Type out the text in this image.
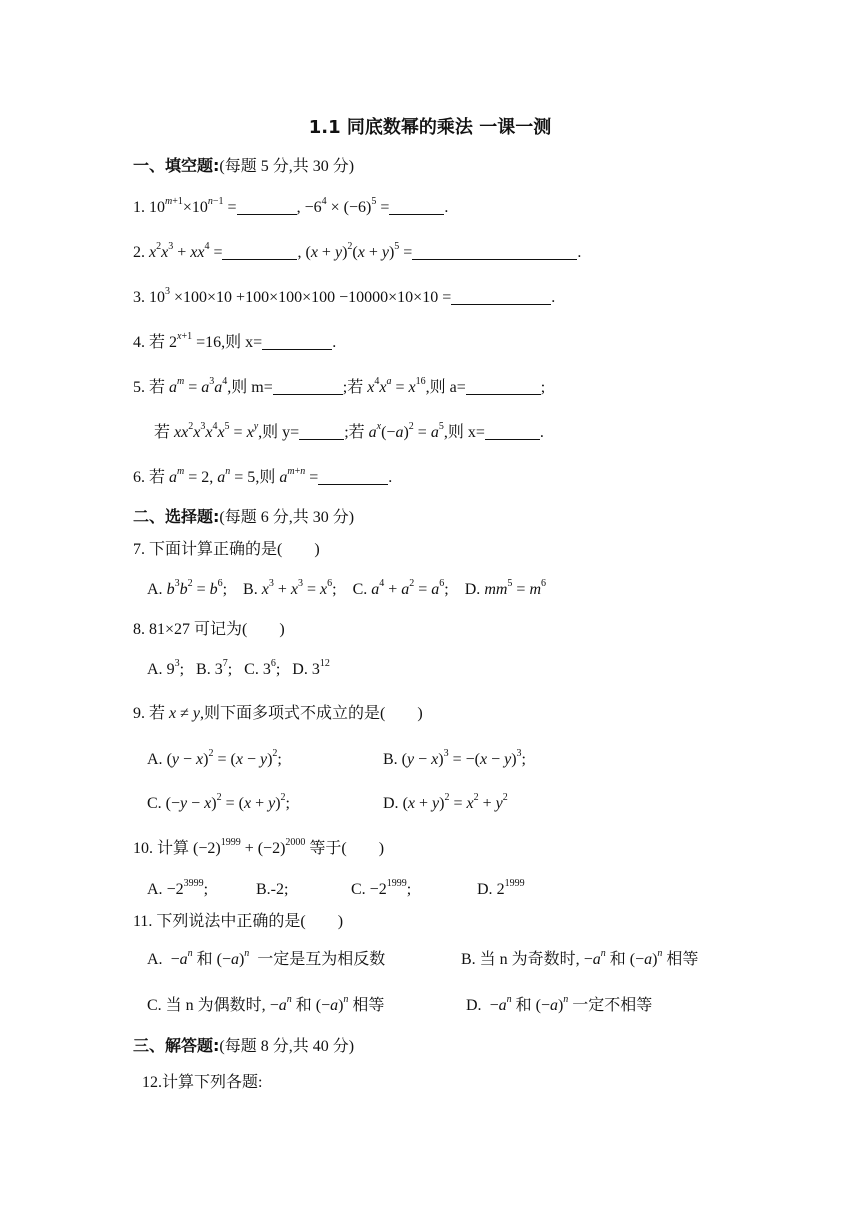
1.1 同底数幂的乘法 一课一测
一、填空题:(每题 5 分,共 30 分)
1. $10^{m+1}\times 10^{n-1}$ =	, $-6^4 \times (-6)^5$ =	.
2. $x^2x^3 + xx^4$ =	, $(x + y)^2(x + y)^5$ =	.
3. $10^3 \times 100\times 10 +100\times 100\times 100 -10000\times 10\times 10$ =	.
4. 若 $2^{x+1} =16$,则 x=	.
5. 若 $a^m = a^3a^4$,则 m=	;若 $x^4x^a = x^{16}$,则 a=	;
若 $xx^2x^3x^4x^5 = x^y$,则 y=	;若 $a^x(-a)^2 = a^5$,则 x=	.
6. 若 $a^m = 2$, $a^n = 5$,则 $a^{m+n}$ =	.
二、选择题:(每题 6 分,共 30 分)
7. 下面计算正确的是(　　)
A. $b^3b^2 = b^6$; B. $x^3 + x^3 = x^6$; C. $a^4 + a^2 = a^6$; D. $mm^5 = m^6$
8. 81×27 可记为(　　)
A. $9^3$; B. $3^7$; C. $3^6$; D. $3^{12}$
9. 若 x ≠ y,则下面多项式不成立的是(　　)
A. $(y - x)^2 = (x - y)^2$;	B. $(y - x)^3 = -(x - y)^3$;
C. $(-y - x)^2 = (x + y)^2$;	D. $(x + y)^2 = x^2 + y^2$
10. 计算 $(-2)^{1999} + (-2)^{2000}$ 等于(　　)
A. $-2^{3999}$;	B.-2;	C. $-2^{1999}$;	D. $2^{1999}$
11. 下列说法中正确的是(　　)
A.  $-a^n$ 和 $(-a)^n$ 一定是互为相反数	B. 当 n 为奇数时, $-a^n$ 和 $(-a)^n$ 相等
C. 当 n 为偶数时, $-a^n$ 和 $(-a)^n$ 相等	D.  $-a^n$ 和 $(-a)^n$ 一定不相等
三、解答题:(每题 8 分,共 40 分)
12.计算下列各题:
